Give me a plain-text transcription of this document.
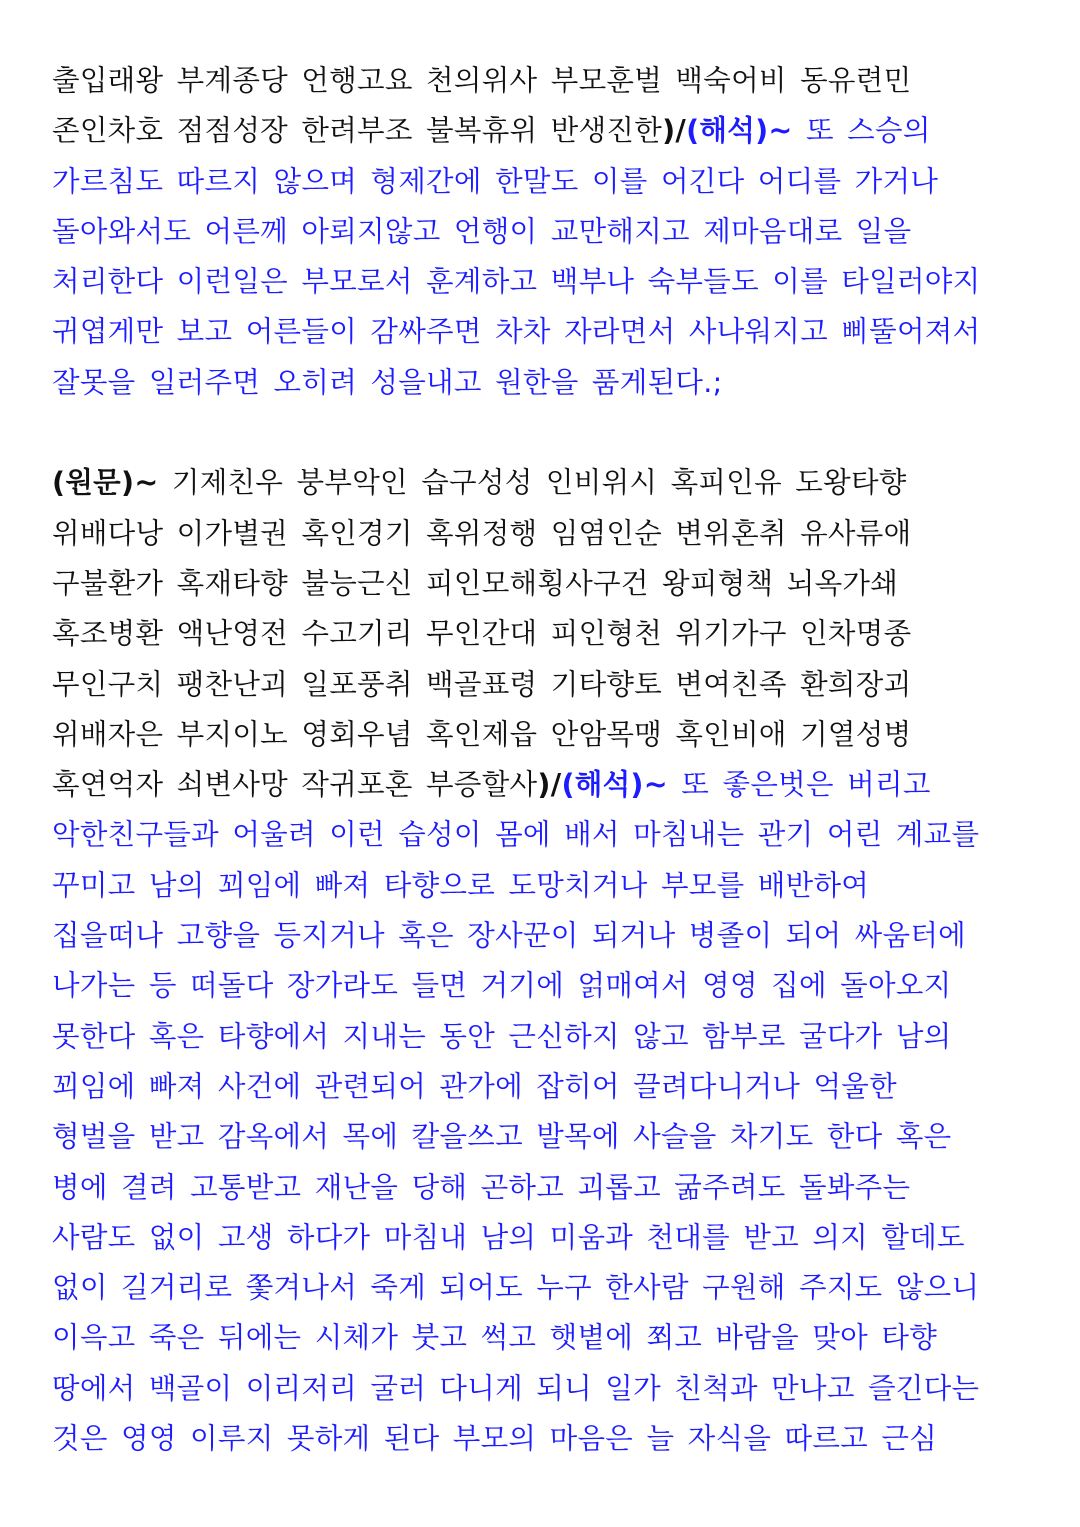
출입래왕 부계종당 언행고요 천의위사 부모훈벌 백숙어비 동유련민
존인차호 점점성장 한려부조 불복휴위 반생진한)/(해석)~ 또 스승의
가르침도 따르지 않으며 형제간에 한말도 이를 어긴다 어디를 가거나
돌아와서도 어른께 아뢰지않고 언행이 교만해지고 제마음대로 일을
처리한다 이런일은 부모로서 훈계하고 백부나 숙부들도 이를 타일러야지
귀엽게만 보고 어른들이 감싸주면 차차 자라면서 사나워지고 삐뚤어져서
잘못을 일러주면 오히려 성을내고 원한을 품게된다.;
(원문)~ 기제친우 붕부악인 습구성성 인비위시 혹피인유 도왕타향
위배다낭 이가별권 혹인경기 혹위정행 임염인순 변위혼취 유사류애
구불환가 혹재타향 불능근신 피인모해횡사구건 왕피형책 뇌옥가쇄
혹조병환 액난영전 수고기리 무인간대 피인형천 위기가구 인차명종
무인구치 팽찬난괴 일포풍취 백골표령 기타향토 변여친족 환희장괴
위배자은 부지이노 영회우념 혹인제읍 안암목맹 혹인비애 기열성병
혹연억자 쇠변사망 작귀포혼 부증할사)/(해석)~ 또 좋은벗은 버리고
악한친구들과 어울려 이런 습성이 몸에 배서 마침내는 관기 어린 계교를
꾸미고 남의 꾀임에 빠져 타향으로 도망치거나 부모를 배반하여
집을떠나 고향을 등지거나 혹은 장사꾼이 되거나 병졸이 되어 싸움터에
나가는 등 떠돌다 장가라도 들면 거기에 얽매여서 영영 집에 돌아오지
못한다 혹은 타향에서 지내는 동안 근신하지 않고 함부로 굴다가 남의
꾀임에 빠져 사건에 관련되어 관가에 잡히어 끌려다니거나 억울한
형벌을 받고 감옥에서 목에 칼을쓰고 발목에 사슬을 차기도 한다 혹은
병에 결려 고통받고 재난을 당해 곤하고 괴롭고 굶주려도 돌봐주는
사람도 없이 고생 하다가 마침내 남의 미움과 천대를 받고 의지 할데도
없이 길거리로 쫓겨나서 죽게 되어도 누구 한사람 구원해 주지도 않으니
이윽고 죽은 뒤에는 시체가 붓고 썩고 햇볕에 쬐고 바람을 맞아 타향
땅에서 백골이 이리저리 굴러 다니게 되니 일가 친척과 만나고 즐긴다는
것은 영영 이루지 못하게 된다 부모의 마음은 늘 자식을 따르고 근심
